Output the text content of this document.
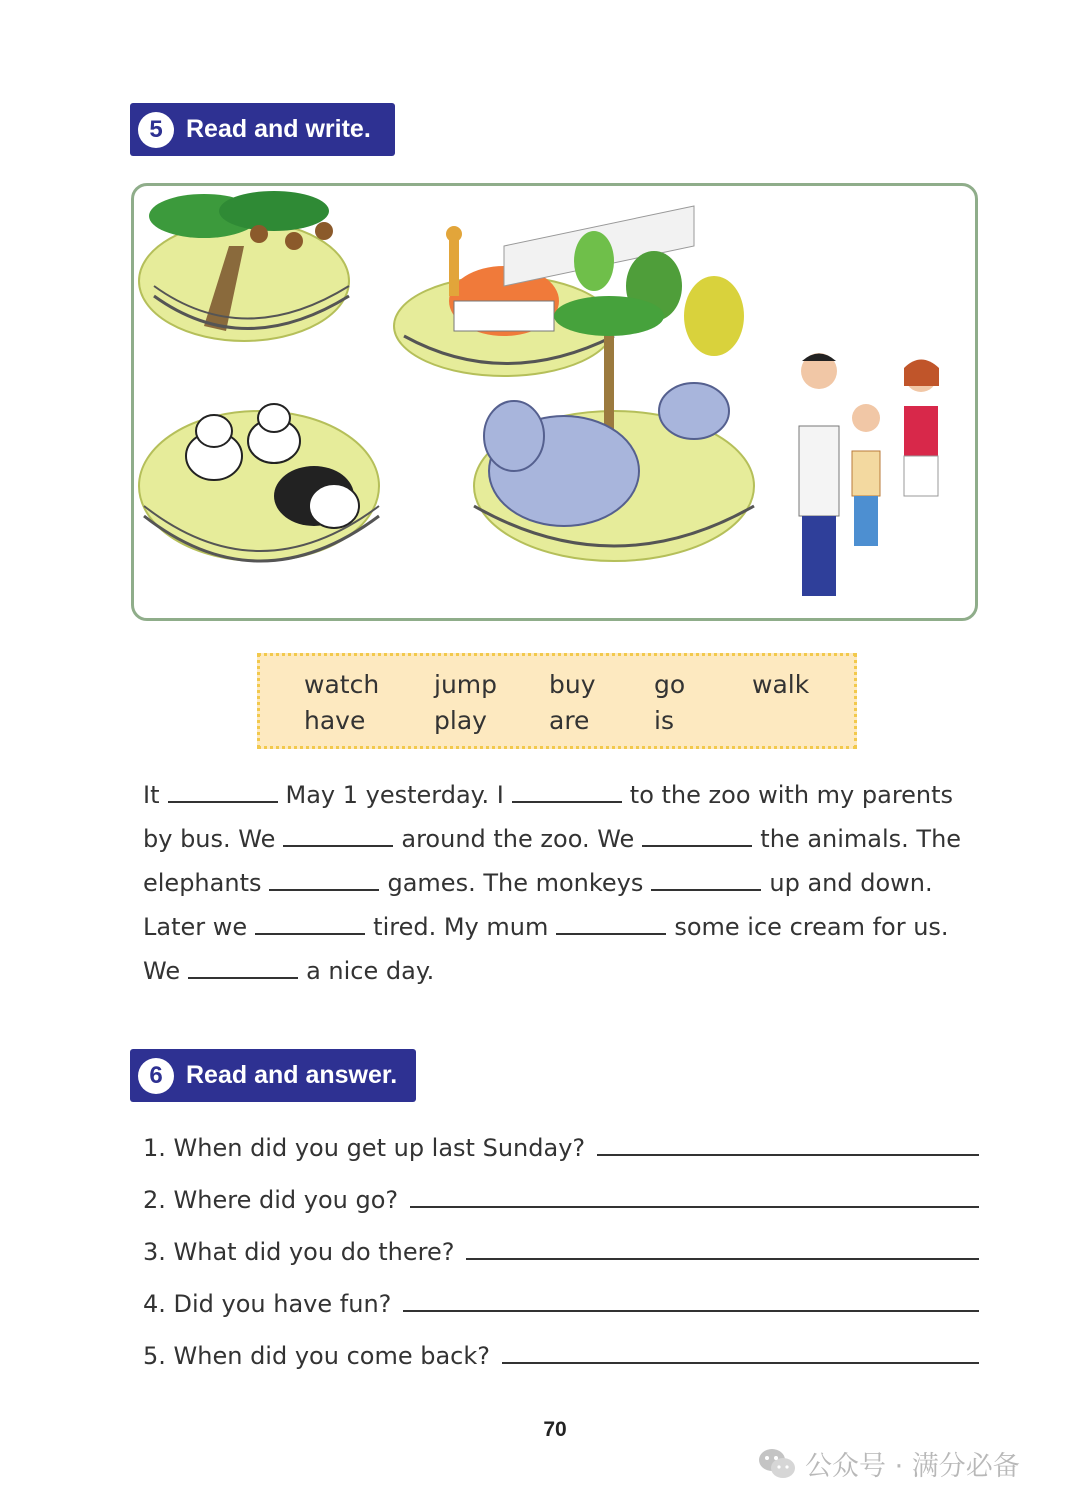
5 Read and write.
watch jump buy go	walk
have	play are	is
It	May 1 yesterday. I	to the zoo with my parents
by bus. We	around the zoo. We	the animals. The
elephants	games. The monkeys	up and down.
Later we	tired. My mum	some ice cream for us.
We	a nice day.
6 Read and answer.
1. When did you get up last Sunday?
2. Where did you go?
3. What did you do there?
4. Did you have fun?
5. When did you come back?
70
公众号 · 满分必备
